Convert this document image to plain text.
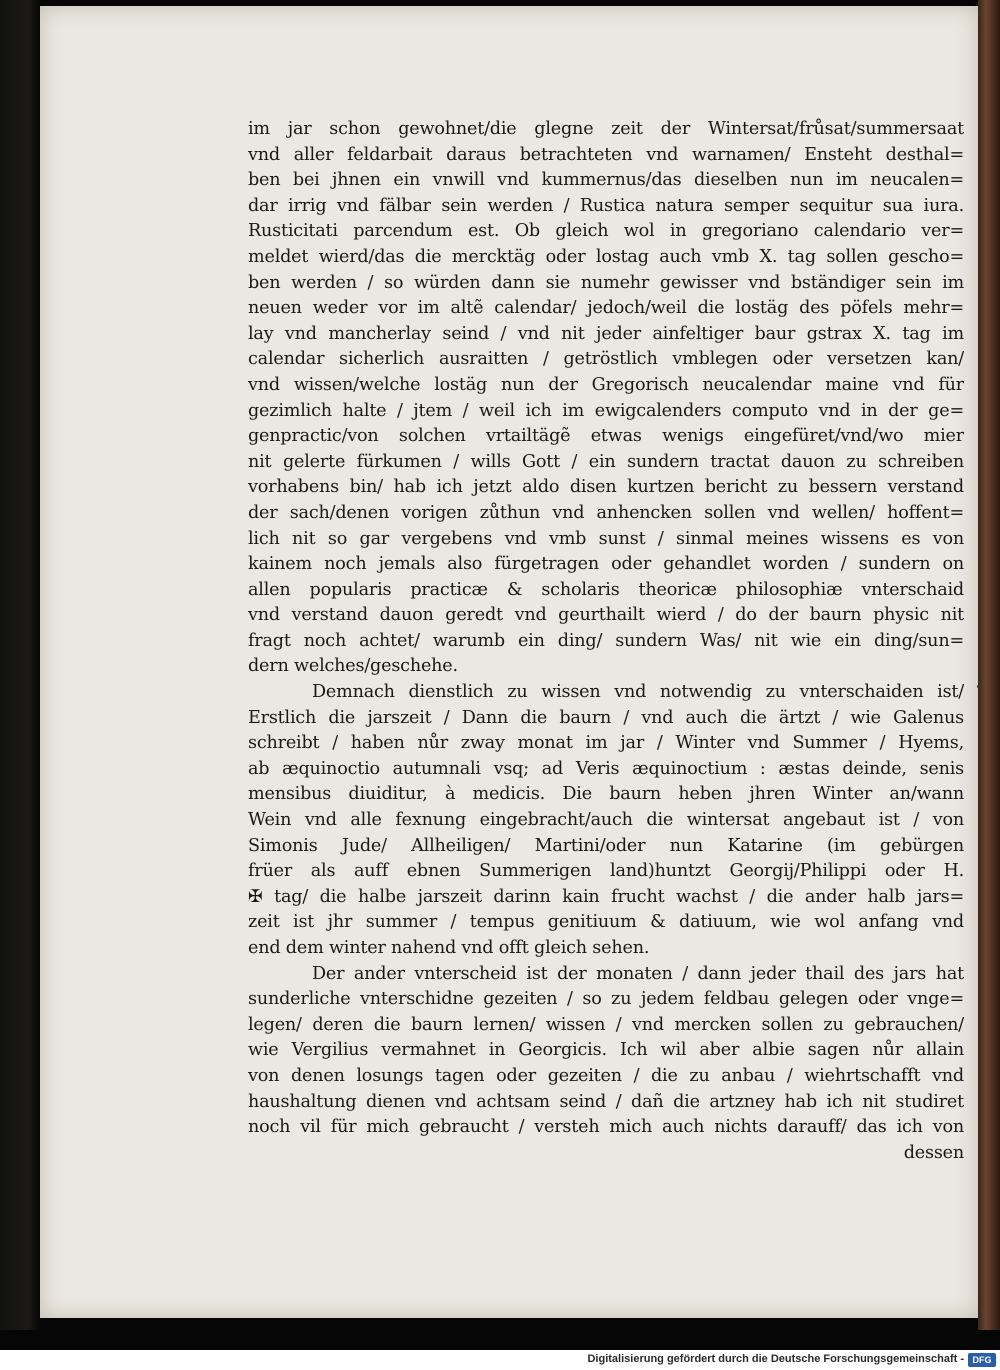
im jar schon gewohnet/die glegne zeit der Wintersat/frůsat/summersaat
vnd aller feldarbait daraus betrachteten vnd warnamen/ Ensteht desthal=
ben bei jhnen ein vnwill vnd kummernus/das dieselben nun im neucalen=
dar irrig vnd fälbar sein werden / Rustica natura semper sequitur sua iura.
Rusticitati parcendum est. Ob gleich wol in gregoriano calendario ver=
meldet wierd/das die mercktäg oder lostag auch vmb X. tag sollen gescho=
ben werden / so würden dann sie numehr gewisser vnd bständiger sein im
neuen weder vor im altẽ calendar/ jedoch/weil die lostäg des pöfels mehr=
lay vnd mancherlay seind / vnd nit jeder ainfeltiger baur gstrax X. tag im
calendar sicherlich ausraitten / getröstlich vmblegen oder versetzen kan/
vnd wissen/welche lostäg nun der Gregorisch neucalendar maine vnd für
gezimlich halte / jtem / weil ich im ewigcalenders computo vnd in der ge=
genpractic/von solchen vrtailtägẽ etwas wenigs eingefüret/vnd/wo mier
nit gelerte fürkumen / wills Gott / ein sundern tractat dauon zu schreiben
vorhabens bin/ hab ich jetzt aldo disen kurtzen bericht zu bessern verstand
der sach/denen vorigen zůthun vnd anhencken sollen vnd wellen/ hoffent=
lich nit so gar vergebens vnd vmb sunst / sinmal meines wissens es von
kainem noch jemals also fürgetragen oder gehandlet worden / sundern on
allen popularis practicæ & scholaris theoricæ philosophiæ vnterschaid
vnd verstand dauon geredt vnd geurthailt wierd / do der baurn physic nit
fragt noch achtet/ warumb ein ding/ sundern Was/ nit wie ein ding/sun=
dern welches/geschehe.
Demnach dienstlich zu wissen vnd notwendig zu vnterschaiden ist/
Erstlich die jarszeit / Dann die baurn / vnd auch die ärtzt / wie Galenus
schreibt / haben nůr zway monat im jar / Winter vnd Summer / Hyems,
ab æquinoctio autumnali vsq; ad Veris æquinoctium : æstas deinde, senis
mensibus diuiditur, à medicis. Die baurn heben jhren Winter an/wann
Wein vnd alle fexnung eingebracht/auch die wintersat angebaut ist / von
Simonis Jude/ Allheiligen/ Martini/oder nun Katarine (im gebürgen
früer als auff ebnen Summerigen land)huntzt Georgij/Philippi oder H.
✠ tag/ die halbe jarszeit darinn kain frucht wachst / die ander halb jars=
zeit ist jhr summer / tempus genitiuum & datiuum, wie wol anfang vnd
end dem winter nahend vnd offt gleich sehen.
Der ander vnterscheid ist der monaten / dann jeder thail des jars hat
sunderliche vnterschidne gezeiten / so zu jedem feldbau gelegen oder vnge=
legen/ deren die baurn lernen/ wissen / vnd mercken sollen zu gebrauchen/
wie Vergilius vermahnet in Georgicis. Ich wil aber albie sagen nůr allain
von denen losungs tagen oder gezeiten / die zu anbau / wiehrtschafft vnd
haushaltung dienen vnd achtsam seind / dañ die artzney hab ich nit studiret
noch vil für mich gebraucht / versteh mich auch nichts darauff/ das ich von
dessen
Digitalisierung gefördert durch die Deutsche Forschungsgemeinschaft - DFG
